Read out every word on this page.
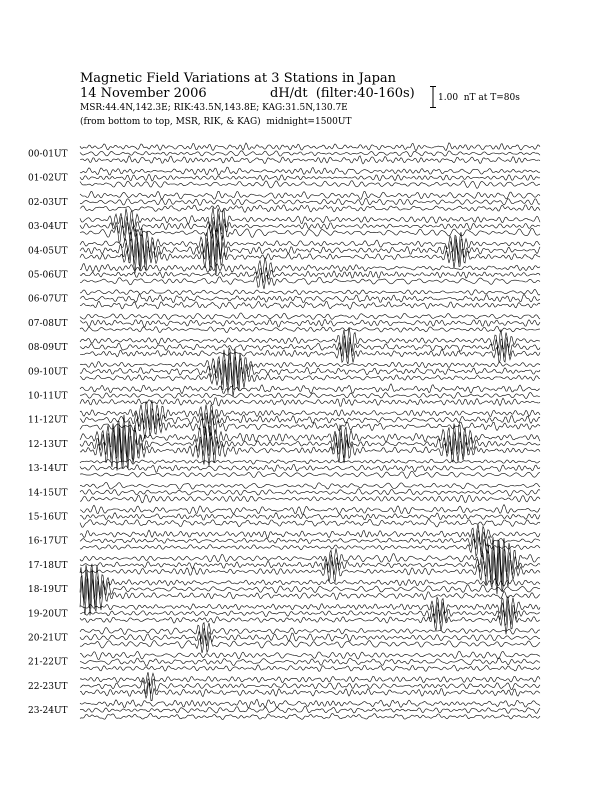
Magnetic Field Variations at 3 Stations in Japan
14 November 2006	dH/dt  (filter:40-160s)
MSR:44.4N,142.3E; RIK:43.5N,143.8E; KAG:31.5N,130.7E
(from bottom to top, MSR, RIK, & KAG)  midnight=1500UT
1.00  nT at T=80s
00-01UT
01-02UT
02-03UT
03-04UT
04-05UT
05-06UT
06-07UT
07-08UT
08-09UT
09-10UT
10-11UT
11-12UT
12-13UT
13-14UT
14-15UT
15-16UT
16-17UT
17-18UT
18-19UT
19-20UT
20-21UT
21-22UT
22-23UT
23-24UT
